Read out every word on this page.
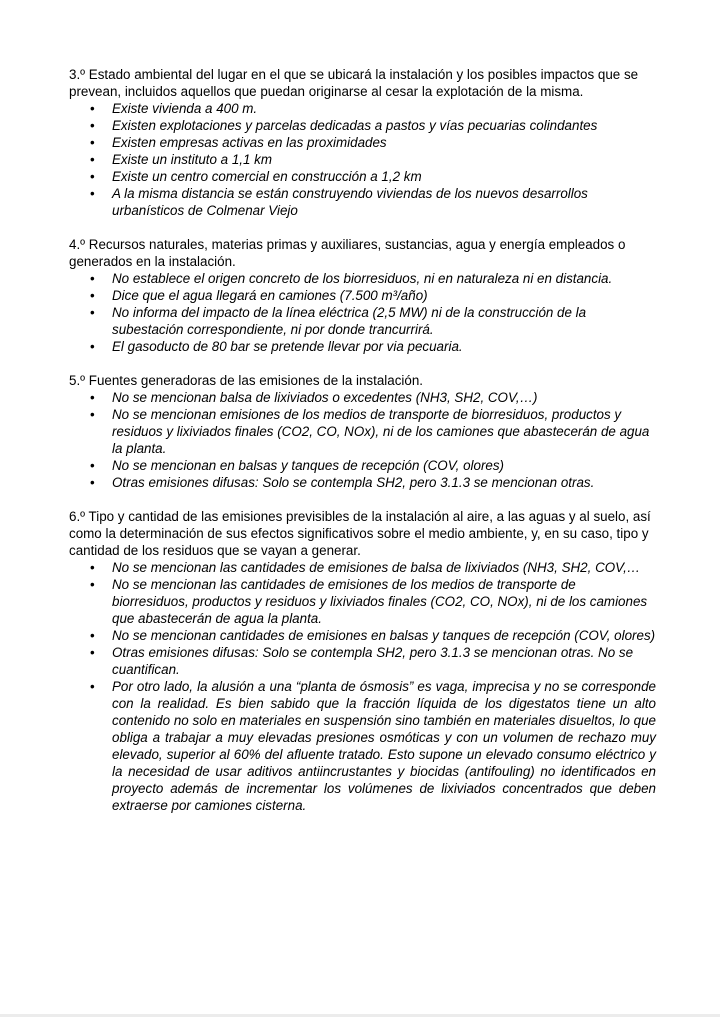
3.º Estado ambiental del lugar en el que se ubicará la instalación y los posibles impactos que se prevean, incluidos aquellos que puedan originarse al cesar la explotación de la misma.

• Existe vivienda a 400 m.
• Existen explotaciones y parcelas dedicadas a pastos y vías pecuarias colindantes
• Existen empresas activas en las proximidades
• Existe un instituto a 1,1 km
• Existe un centro comercial en construcción a 1,2 km
• A la misma distancia se están construyendo viviendas de los nuevos desarrollos urbanísticos de Colmenar Viejo

4.º Recursos naturales, materias primas y auxiliares, sustancias, agua y energía empleados o generados en la instalación.

• No establece el origen concreto de los biorresiduos, ni en naturaleza ni en distancia.
• Dice que el agua llegará en camiones (7.500 m³/año)
• No informa del impacto de la línea eléctrica (2,5 MW) ni de la construcción de la subestación correspondiente, ni por donde trancurrirá.
• El gasoducto de 80 bar se pretende llevar por via pecuaria.

5.º Fuentes generadoras de las emisiones de la instalación.

• No se mencionan balsa de lixiviados o excedentes (NH3, SH2, COV,…)
• No se mencionan emisiones de los medios de transporte de biorresiduos, productos y residuos y lixiviados finales (CO2, CO, NOx), ni de los camiones que abastecerán de agua la planta.
• No se mencionan en balsas y tanques de recepción (COV, olores)
• Otras emisiones difusas: Solo se contempla SH2, pero 3.1.3 se mencionan otras.

6.º Tipo y cantidad de las emisiones previsibles de la instalación al aire, a las aguas y al suelo, así como la determinación de sus efectos significativos sobre el medio ambiente, y, en su caso, tipo y cantidad de los residuos que se vayan a generar.

• No se mencionan las cantidades de emisiones de balsa de lixiviados (NH3, SH2, COV,…
• No se mencionan las cantidades de emisiones de los medios de transporte de biorresiduos, productos y residuos y lixiviados finales (CO2, CO, NOx), ni de los camiones que abastecerán de agua la planta.
• No se mencionan cantidades de emisiones en balsas y tanques de recepción (COV, olores)
• Otras emisiones difusas: Solo se contempla SH2, pero 3.1.3 se mencionan otras. No se cuantifican.
• Por otro lado, la alusión a una “planta de ósmosis” es vaga, imprecisa y no se corresponde con la realidad. Es bien sabido que la fracción líquida de los digestatos tiene un alto contenido no solo en materiales en suspensión sino también en materiales disueltos, lo que obliga a trabajar a muy elevadas presiones osmóticas y con un volumen de rechazo muy elevado, superior al 60% del afluente tratado. Esto supone un elevado consumo eléctrico y la necesidad de usar aditivos antiincrustantes y biocidas (antifouling) no identificados en proyecto además de incrementar los volúmenes de lixiviados concentrados que deben extraerse por camiones cisterna.
